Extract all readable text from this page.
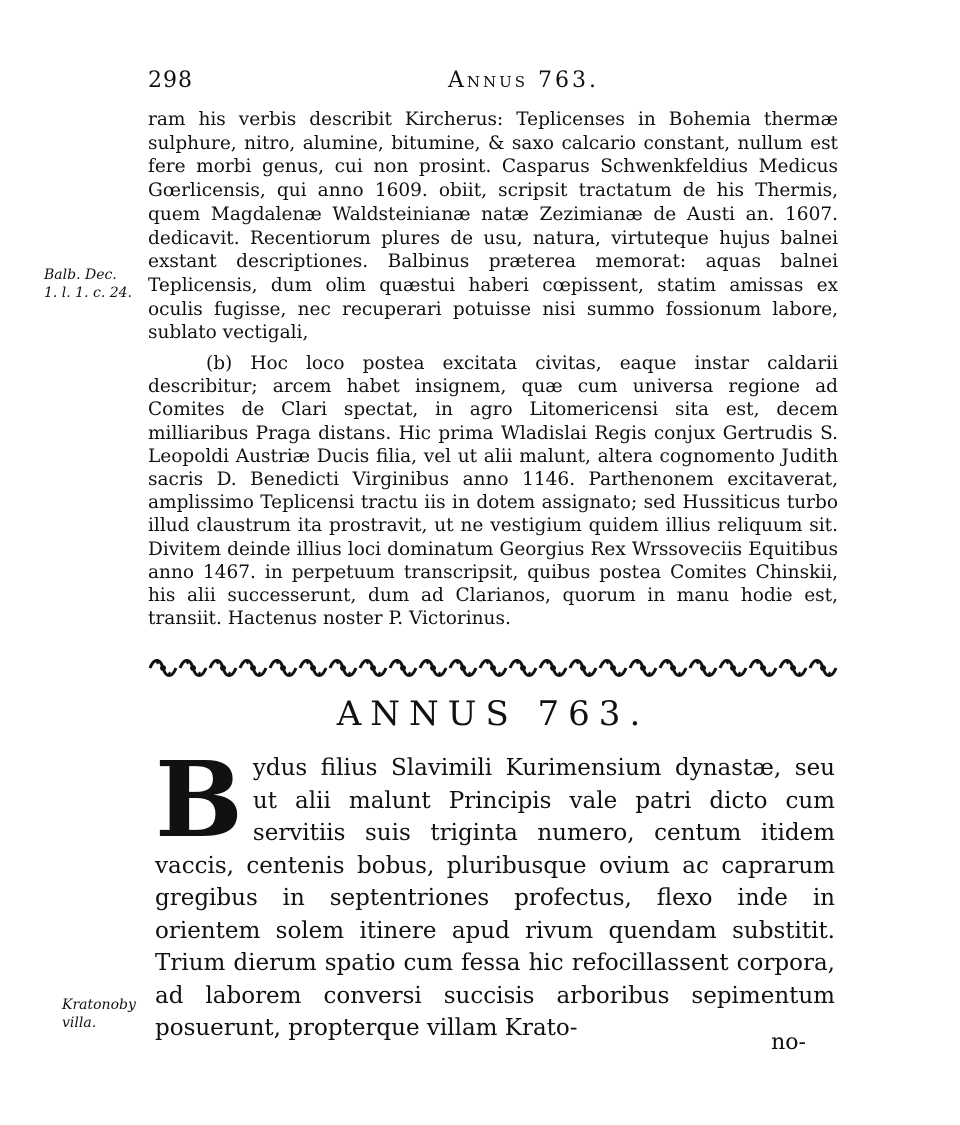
298	Annus 763.
Balb. Dec.
1. l. 1. c. 24.

ram his verbis describit Kircherus: Teplicenses in Bohemia thermæ sulphure, nitro, alumine, bitumine, & saxo calcario constant, nullum est fere morbi genus, cui non prosint. Casparus Schwenkfeldius Medicus Gœrlicensis, qui anno 1609. obiit, scripsit tractatum de his Thermis, quem Magdalenæ Waldsteinianæ natæ Zezimianæ de Austi an. 1607. dedicavit. Recentiorum plures de usu, natura, virtuteque hujus balnei exstant descriptiones. Balbinus præterea memorat: aquas balnei Teplicensis, dum olim quæstui haberi cœpissent, statim amissas ex oculis fugisse, nec recuperari potuisse nisi summo fossionum labore, sublato vectigali,

(b) Hoc loco postea excitata civitas, eaque instar caldarii describitur; arcem habet insignem, quæ cum universa regione ad Comites de Clari spectat, in agro Litomericensi sita est, decem milliaribus Praga distans. Hic prima Wladislai Regis conjux Gertrudis S. Leopoldi Austriæ Ducis filia, vel ut alii malunt, altera cognomento Judith sacris D. Benedicti Virginibus anno 1146. Parthenonem excitaverat, amplissimo Teplicensi tractu iis in dotem assignato; sed Hussiticus turbo illud claustrum ita prostravit, ut ne vestigium quidem illius reliquum sit. Divitem deinde illius loci dominatum Georgius Rex Wrssoveciis Equitibus anno 1467. in perpetuum transcripsit, quibus postea Comites Chinskii, his alii successerunt, dum ad Clarianos, quorum in manu hodie est, transiit. Hactenus noster P. Victorinus.

ANNUS 763.

Bydus filius Slavimili Kurimensium dynastæ, seu ut alii malunt Principis vale patri dicto cum servitiis suis triginta numero, centum itidem vaccis, centenis bobus, pluribusque ovium ac caprarum gregibus in septentriones profectus, flexo inde in orientem solem itinere apud rivum quendam substitit. Trium dierum spatio cum fessa hic refocillassent corpora, ad laborem conversi succisis arboribus sepimentum posuerunt, propterque villam Krato-

Kratonoby
villa.
no-
